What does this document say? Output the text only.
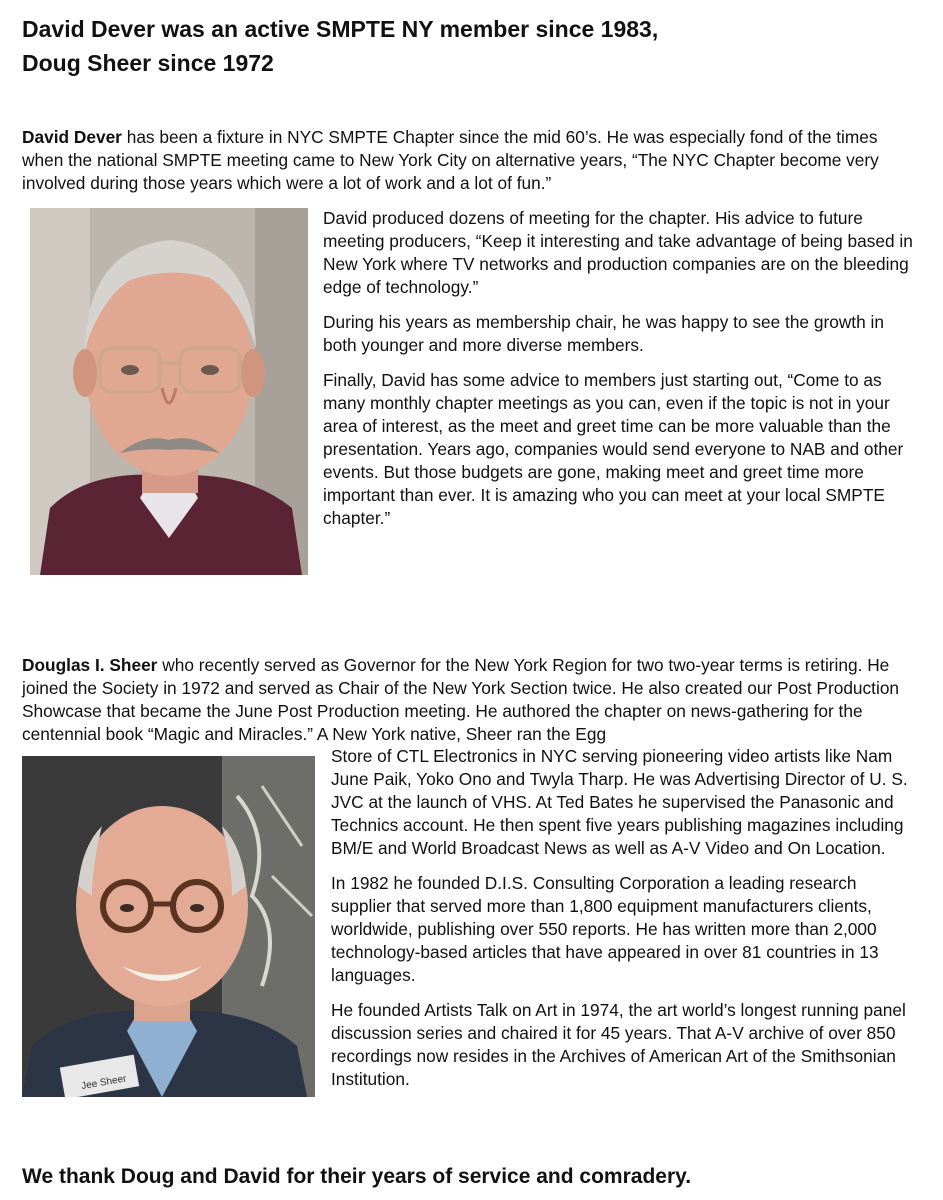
David Dever was an active SMPTE NY member since 1983,
Doug Sheer since 1972

David Dever has been a fixture in NYC SMPTE Chapter since the mid 60’s. He was especially fond of the times when the national SMPTE meeting came to New York City on alternative years, “The NYC Chapter become very involved during those years which were a lot of work and a lot of fun.”

David produced dozens of meeting for the chapter. His advice to future meeting producers, “Keep it interesting and take advantage of being based in New York where TV networks and production companies are on the bleeding edge of technology.”

During his years as membership chair, he was happy to see the growth in both younger and more diverse members.

Finally, David has some advice to members just starting out, “Come to as many monthly chapter meetings as you can, even if the topic is not in your area of interest, as the meet and greet time can be more valuable than the presentation. Years ago, companies would send everyone to NAB and other events. But those budgets are gone, making meet and greet time more important than ever. It is amazing who you can meet at your local SMPTE chapter.”

Douglas I. Sheer who recently served as Governor for the New York Region for two two-year terms is retiring. He joined the Society in 1972 and served as Chair of the New York Section twice. He also created our Post Production Showcase that became the June Post Production meeting. He authored the chapter on news-gathering for the centennial book “Magic and Miracles.” A New York native, Sheer ran the Egg

Jee Sheer

Store of CTL Electronics in NYC serving pioneering video artists like Nam June Paik, Yoko Ono and Twyla Tharp. He was Advertising Director of U. S. JVC at the launch of VHS. At Ted Bates he supervised the Panasonic and Technics account. He then spent five years publishing magazines including BM/E and World Broadcast News as well as A-V Video and On Location.

In 1982 he founded D.I.S. Consulting Corporation a leading research supplier that served more than 1,800 equipment manufacturers clients, worldwide, publishing over 550 reports. He has written more than 2,000 technology-based articles that have appeared in over 81 countries in 13 languages.

He founded Artists Talk on Art in 1974, the art world’s longest running panel discussion series and chaired it for 45 years. That A-V archive of over 850 recordings now resides in the Archives of American Art of the Smithsonian Institution.

We thank Doug and David for their years of service and comradery.
